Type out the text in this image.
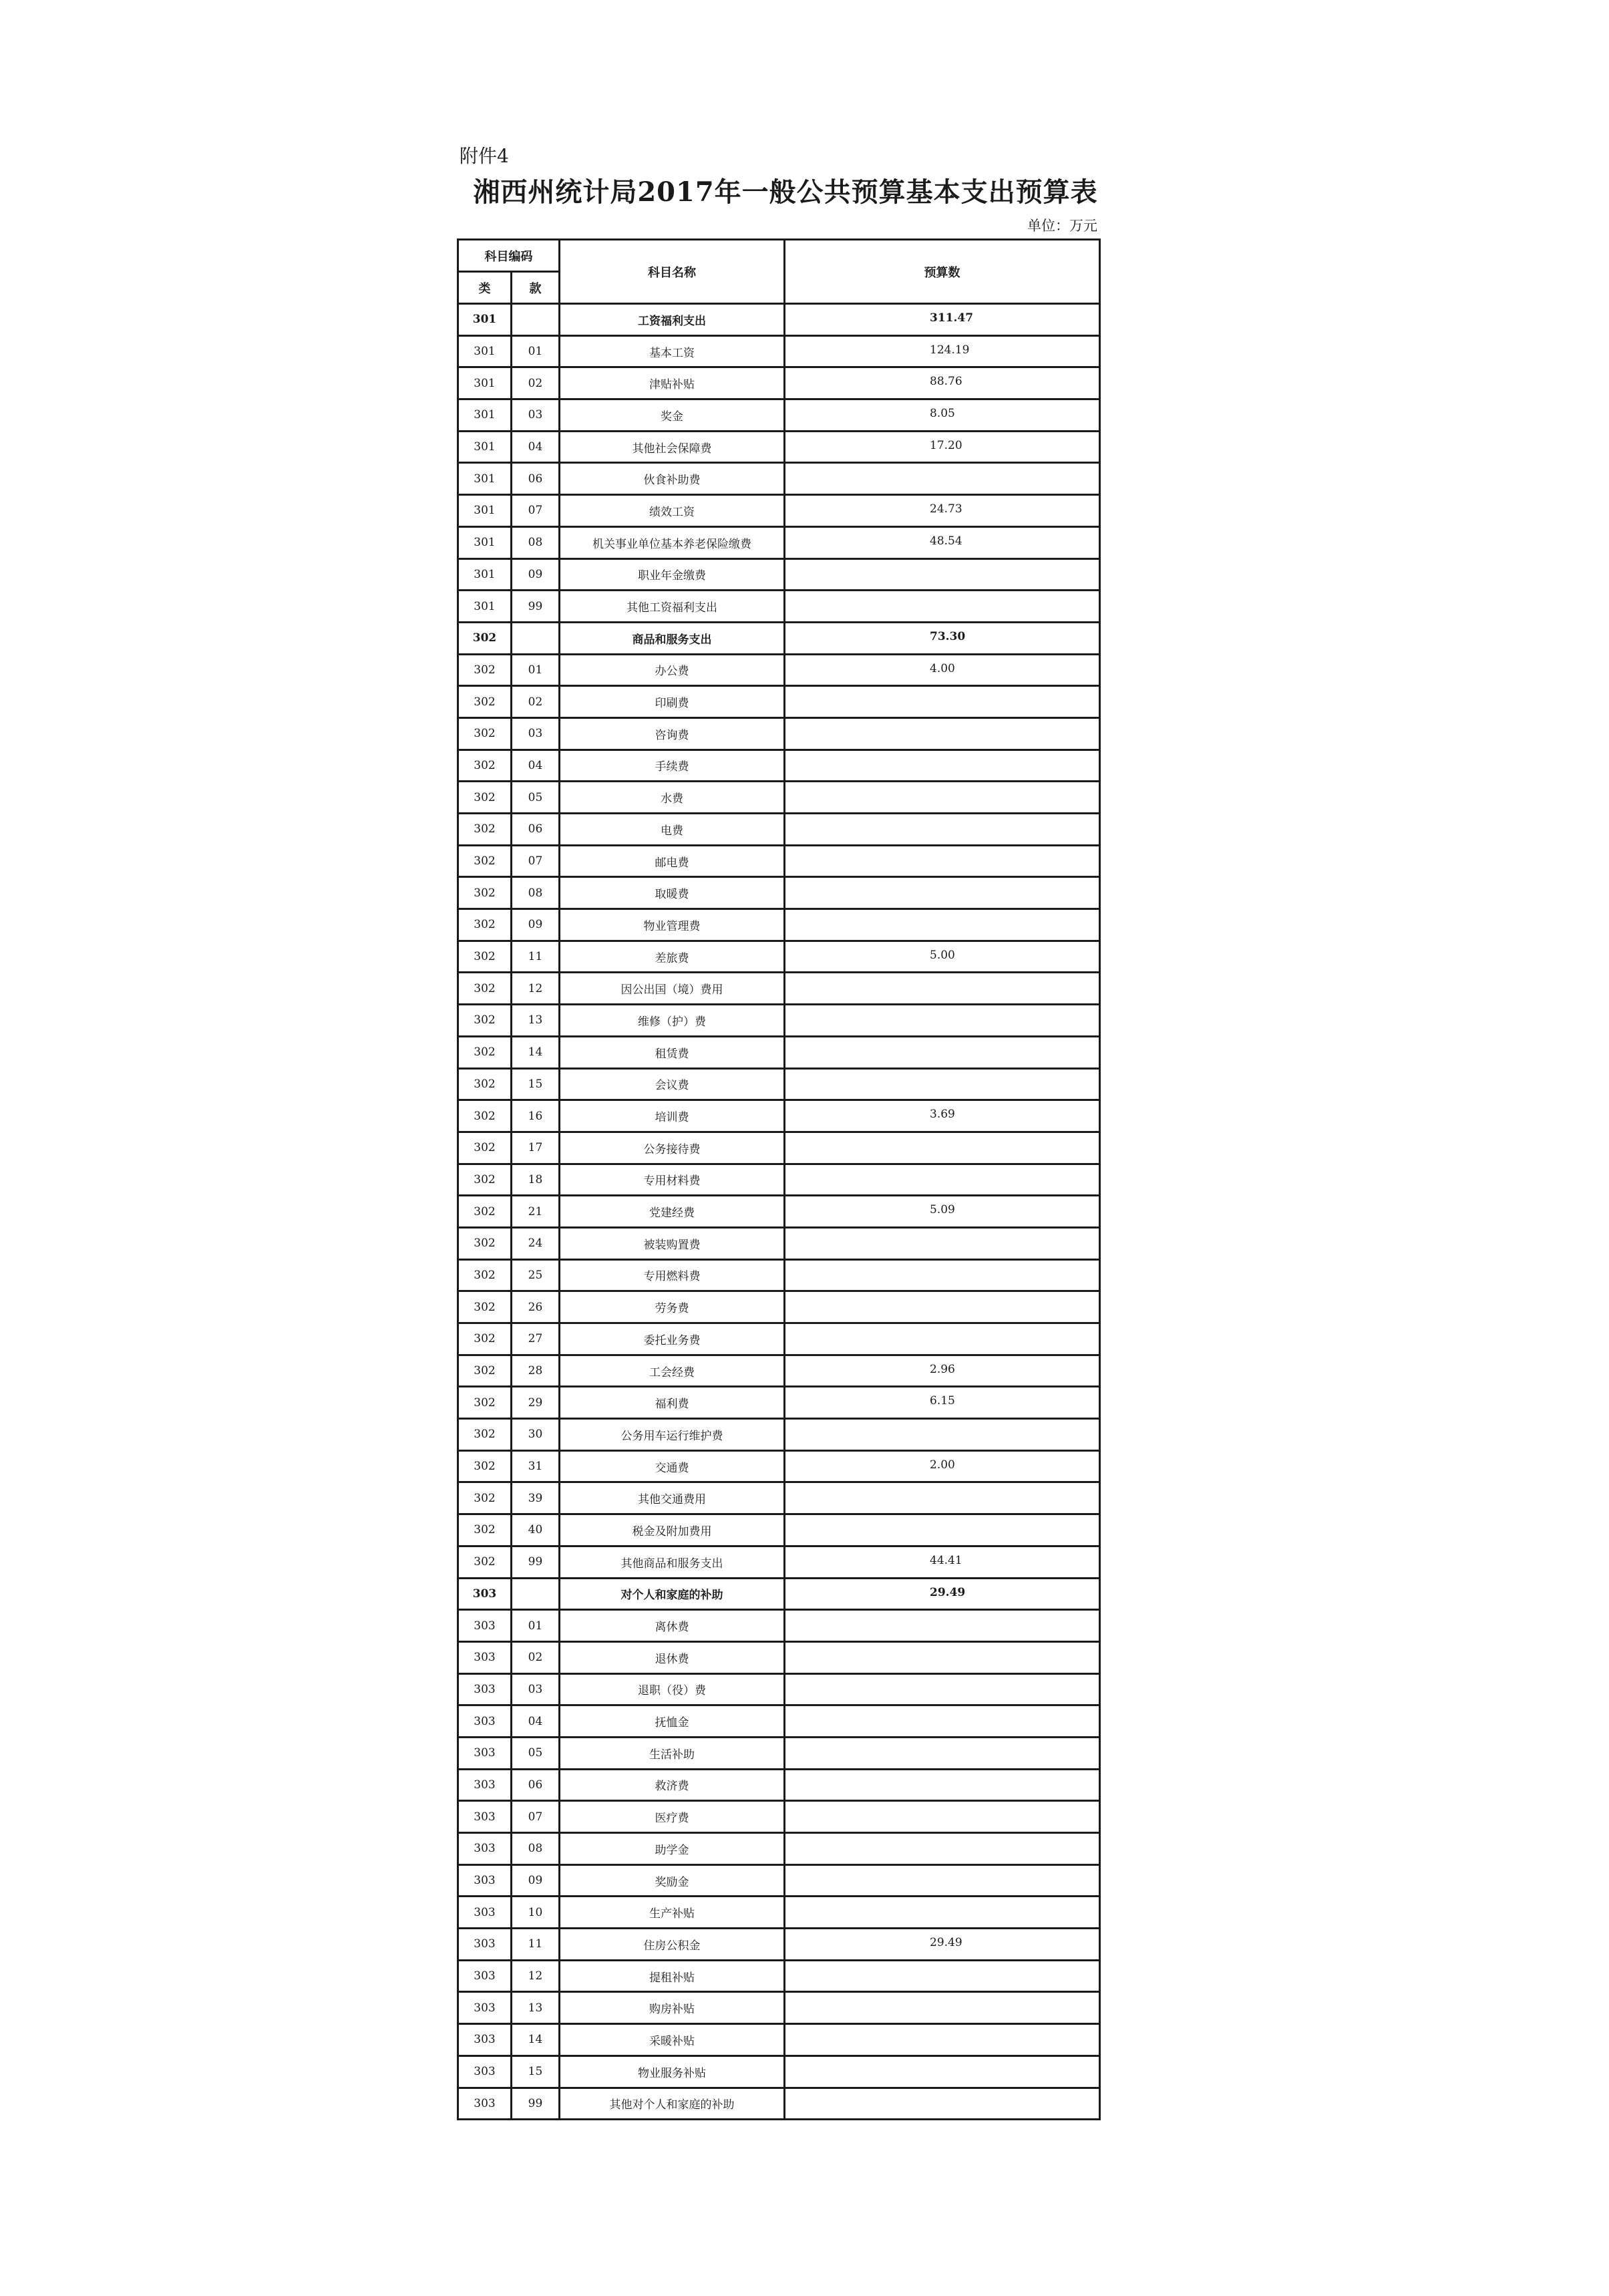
附件4
湘西州统计局2017年一般公共预算基本支出预算表
单位：万元
科目编码		科目名称	预算数
类	款		
301		工资福利支出	311.47
301	01	基本工资	124.19
301	02	津贴补贴	88.76
301	03	奖金	8.05
301	04	其他社会保障费	17.20
301	06	伙食补助费	
301	07	绩效工资	24.73
301	08	机关事业单位基本养老保险缴费	48.54
301	09	职业年金缴费	
301	99	其他工资福利支出	
302		商品和服务支出	73.30
302	01	办公费	4.00
302	02	印刷费	
302	03	咨询费	
302	04	手续费	
302	05	水费	
302	06	电费	
302	07	邮电费	
302	08	取暖费	
302	09	物业管理费	
302	11	差旅费	5.00
302	12	因公出国（境）费用	
302	13	维修（护）费	
302	14	租赁费	
302	15	会议费	
302	16	培训费	3.69
302	17	公务接待费	
302	18	专用材料费	
302	21	党建经费	5.09
302	24	被装购置费	
302	25	专用燃料费	
302	26	劳务费	
302	27	委托业务费	
302	28	工会经费	2.96
302	29	福利费	6.15
302	30	公务用车运行维护费	
302	31	交通费	2.00
302	39	其他交通费用	
302	40	税金及附加费用	
302	99	其他商品和服务支出	44.41
303		对个人和家庭的补助	29.49
303	01	离休费	
303	02	退休费	
303	03	退职（役）费	
303	04	抚恤金	
303	05	生活补助	
303	06	救济费	
303	07	医疗费	
303	08	助学金	
303	09	奖励金	
303	10	生产补贴	
303	11	住房公积金	29.49
303	12	提租补贴	
303	13	购房补贴	
303	14	采暖补贴	
303	15	物业服务补贴	
303	99	其他对个人和家庭的补助	
